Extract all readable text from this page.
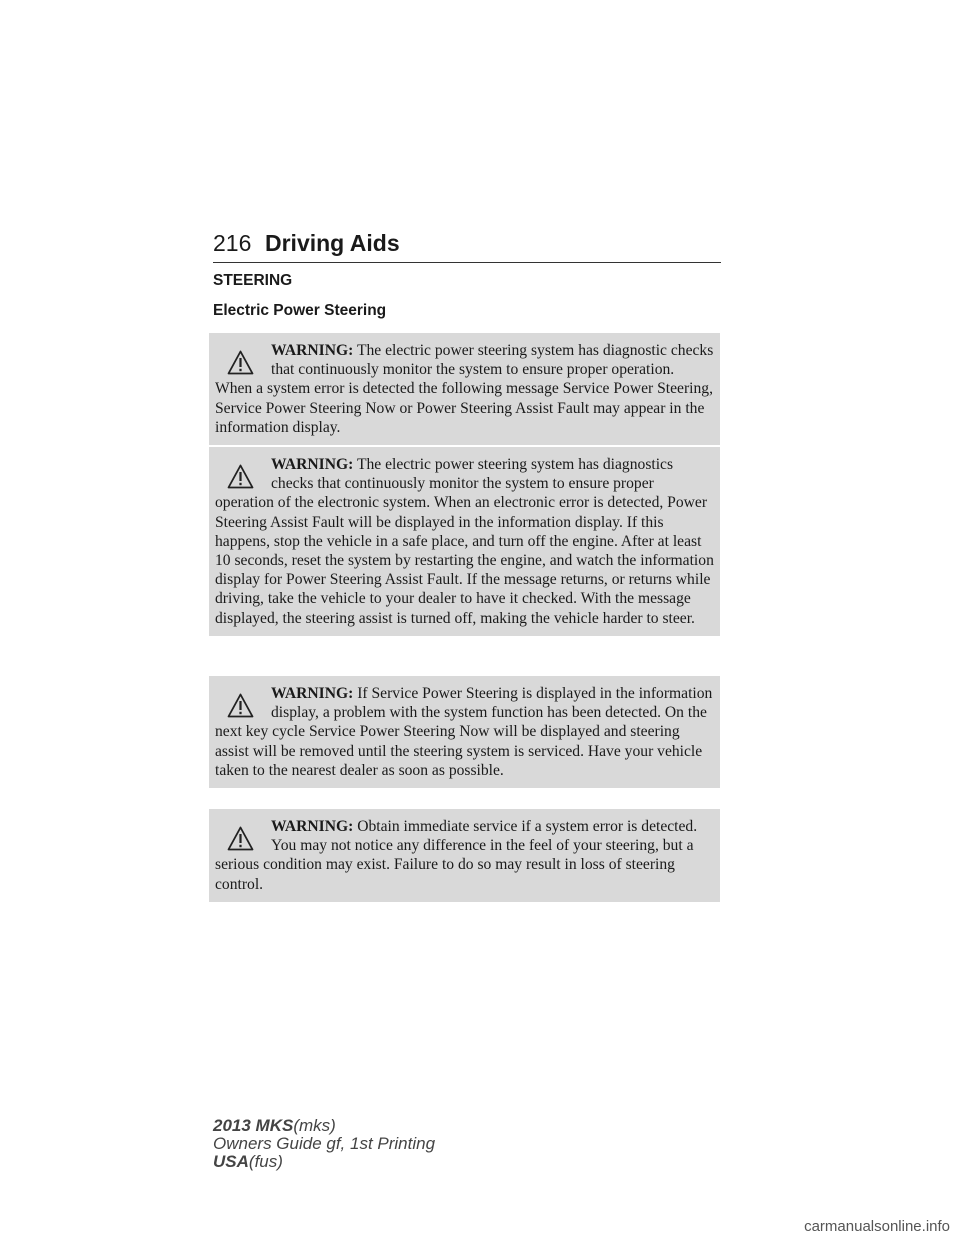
216 Driving Aids
STEERING
Electric Power Steering
WARNING: The electric power steering system has diagnostic checks that continuously monitor the system to ensure proper operation. When a system error is detected the following message Service Power Steering, Service Power Steering Now or Power Steering Assist Fault may appear in the information display.
WARNING: The electric power steering system has diagnostics checks that continuously monitor the system to ensure proper operation of the electronic system. When an electronic error is detected, Power Steering Assist Fault will be displayed in the information display. If this happens, stop the vehicle in a safe place, and turn off the engine. After at least 10 seconds, reset the system by restarting the engine, and watch the information display for Power Steering Assist Fault. If the message returns, or returns while driving, take the vehicle to your dealer to have it checked. With the message displayed, the steering assist is turned off, making the vehicle harder to steer.
WARNING: If Service Power Steering is displayed in the information display, a problem with the system function has been detected. On the next key cycle Service Power Steering Now will be displayed and steering assist will be removed until the steering system is serviced. Have your vehicle taken to the nearest dealer as soon as possible.
WARNING: Obtain immediate service if a system error is detected. You may not notice any difference in the feel of your steering, but a serious condition may exist. Failure to do so may result in loss of steering control.
2013 MKS(mks)
Owners Guide gf, 1st Printing
USA(fus)
carmanualsonline.info
